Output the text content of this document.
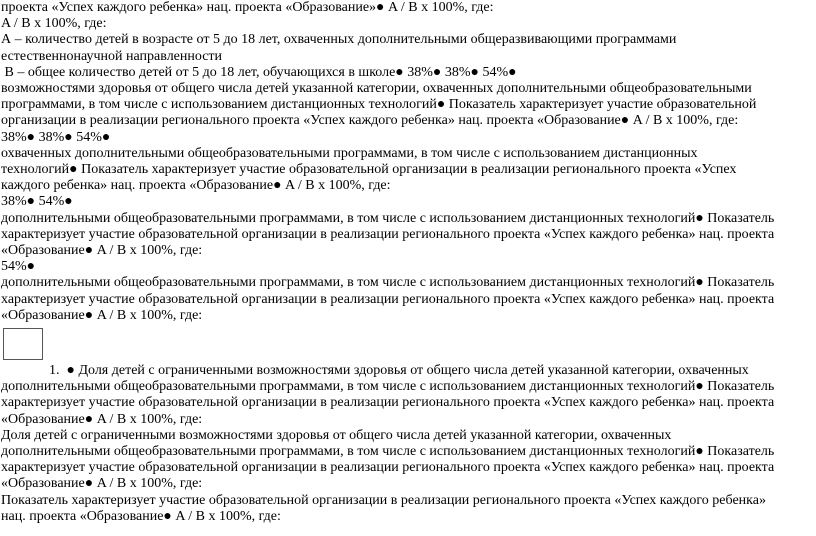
проекта «Успех каждого ребенка» нац. проекта «Образование»● A / B x 100%, где:
A / B x 100%, где:
А – количество детей в возрасте от 5 до 18 лет, охваченных дополнительными общеразвивающими программами
естественнонаучной направленности
B – общее количество детей от 5 до 18 лет, обучающихся в школе● 38%● 38%● 54%●
возможностями здоровья от общего числа детей указанной категории, охваченных дополнительными общеобразовательными
программами, в том числе с использованием дистанционных технологий● Показатель характеризует участие образовательной
организации в реализации регионального проекта «Успех каждого ребенка» нац. проекта «Образование● A / B x 100%, где:
38%● 38%● 54%●
охваченных дополнительными общеобразовательными программами, в том числе с использованием дистанционных
технологий● Показатель характеризует участие образовательной организации в реализации регионального проекта «Успех
каждого ребенка» нац. проекта «Образование● A / B x 100%, где:
38%● 54%●
дополнительными общеобразовательными программами, в том числе с использованием дистанционных технологий● Показатель
характеризует участие образовательной организации в реализации регионального проекта «Успех каждого ребенка» нац. проекта
«Образование● A / B x 100%, где:
54%●
дополнительными общеобразовательными программами, в том числе с использованием дистанционных технологий● Показатель
характеризует участие образовательной организации в реализации регионального проекта «Успех каждого ребенка» нац. проекта
«Образование● A / B x 100%, где:
1. ● Доля детей с ограниченными возможностями здоровья от общего числа детей указанной категории, охваченных
дополнительными общеобразовательными программами, в том числе с использованием дистанционных технологий● Показатель
характеризует участие образовательной организации в реализации регионального проекта «Успех каждого ребенка» нац. проекта
«Образование● A / B x 100%, где:
Доля детей с ограниченными возможностями здоровья от общего числа детей указанной категории, охваченных
дополнительными общеобразовательными программами, в том числе с использованием дистанционных технологий● Показатель
характеризует участие образовательной организации в реализации регионального проекта «Успех каждого ребенка» нац. проекта
«Образование● A / B x 100%, где:
Показатель характеризует участие образовательной организации в реализации регионального проекта «Успех каждого ребенка»
нац. проекта «Образование● A / B x 100%, где:
